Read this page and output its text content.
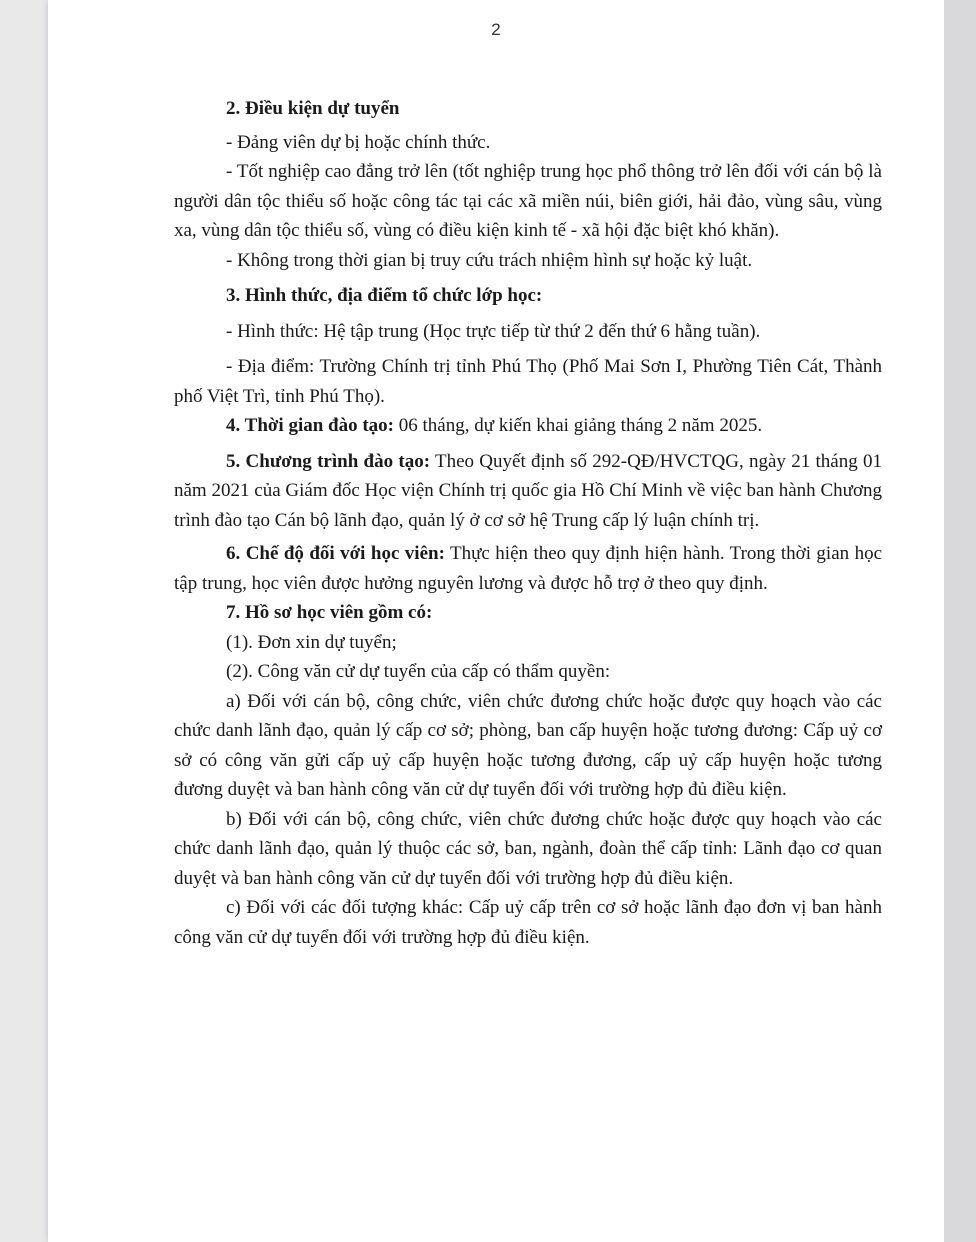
2
2. Điều kiện dự tuyển

- Đảng viên dự bị hoặc chính thức.

- Tốt nghiệp cao đẳng trở lên (tốt nghiệp trung học phổ thông trở lên đối với cán bộ là người dân tộc thiểu số hoặc công tác tại các xã miền núi, biên giới, hải đảo, vùng sâu, vùng xa, vùng dân tộc thiểu số, vùng có điều kiện kinh tế - xã hội đặc biệt khó khăn).

- Không trong thời gian bị truy cứu trách nhiệm hình sự hoặc kỷ luật.

3. Hình thức, địa điểm tổ chức lớp học:

- Hình thức: Hệ tập trung (Học trực tiếp từ thứ 2 đến thứ 6 hằng tuần).

- Địa điểm: Trường Chính trị tỉnh Phú Thọ (Phố Mai Sơn I, Phường Tiên Cát, Thành phố Việt Trì, tỉnh Phú Thọ).

4. Thời gian đào tạo: 06 tháng, dự kiến khai giảng tháng 2 năm 2025.

5. Chương trình đào tạo: Theo Quyết định số 292-QĐ/HVCTQG, ngày 21 tháng 01 năm 2021 của Giám đốc Học viện Chính trị quốc gia Hồ Chí Minh về việc ban hành Chương trình đào tạo Cán bộ lãnh đạo, quản lý ở cơ sở hệ Trung cấp lý luận chính trị.

6. Chế độ đối với học viên: Thực hiện theo quy định hiện hành. Trong thời gian học tập trung, học viên được hưởng nguyên lương và được hỗ trợ ở theo quy định.

7. Hồ sơ học viên gồm có:

(1). Đơn xin dự tuyển;

(2). Công văn cử dự tuyển của cấp có thẩm quyền:

a) Đối với cán bộ, công chức, viên chức đương chức hoặc được quy hoạch vào các chức danh lãnh đạo, quản lý cấp cơ sở; phòng, ban cấp huyện hoặc tương đương: Cấp uỷ cơ sở có công văn gửi cấp uỷ cấp huyện hoặc tương đương, cấp uỷ cấp huyện hoặc tương đương duyệt và ban hành công văn cử dự tuyển đối với trường hợp đủ điều kiện.

b) Đối với cán bộ, công chức, viên chức đương chức hoặc được quy hoạch vào các chức danh lãnh đạo, quản lý thuộc các sở, ban, ngành, đoàn thể cấp tỉnh: Lãnh đạo cơ quan duyệt và ban hành công văn cử dự tuyển đối với trường hợp đủ điều kiện.

c) Đối với các đối tượng khác: Cấp uỷ cấp trên cơ sở hoặc lãnh đạo đơn vị ban hành công văn cử dự tuyển đối với trường hợp đủ điều kiện.
